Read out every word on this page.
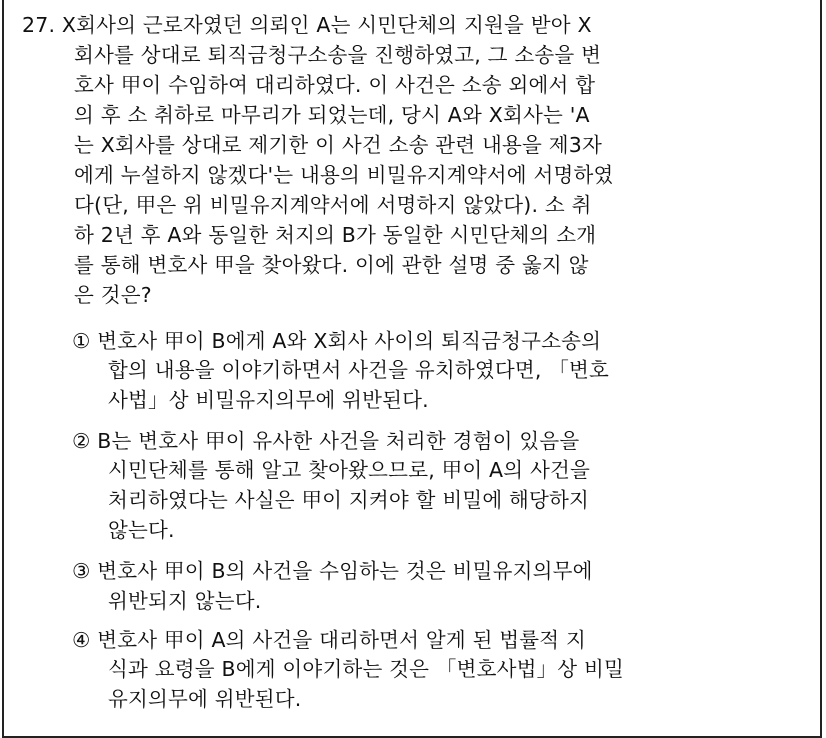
27. X회사의 근로자였던 의뢰인 A는 시민단체의 지원을 받아 X
회사를 상대로 퇴직금청구소송을 진행하였고, 그 소송을 변
호사 甲이 수임하여 대리하였다. 이 사건은 소송 외에서 합
의 후 소 취하로 마무리가 되었는데, 당시 A와 X회사는 'A
는 X회사를 상대로 제기한 이 사건 소송 관련 내용을 제3자
에게 누설하지 않겠다'는 내용의 비밀유지계약서에 서명하였
다(단, 甲은 위 비밀유지계약서에 서명하지 않았다). 소 취
하 2년 후 A와 동일한 처지의 B가 동일한 시민단체의 소개
를 통해 변호사 甲을 찾아왔다. 이에 관한 설명 중 옳지 않
은 것은?
① 변호사 甲이 B에게 A와 X회사 사이의 퇴직금청구소송의
합의 내용을 이야기하면서 사건을 유치하였다면, 「변호
사법」상 비밀유지의무에 위반된다.
② B는 변호사 甲이 유사한 사건을 처리한 경험이 있음을
시민단체를 통해 알고 찾아왔으므로, 甲이 A의 사건을
처리하였다는 사실은 甲이 지켜야 할 비밀에 해당하지
않는다.
③ 변호사 甲이 B의 사건을 수임하는 것은 비밀유지의무에
위반되지 않는다.
④ 변호사 甲이 A의 사건을 대리하면서 알게 된 법률적 지
식과 요령을 B에게 이야기하는 것은 「변호사법」상 비밀
유지의무에 위반된다.
